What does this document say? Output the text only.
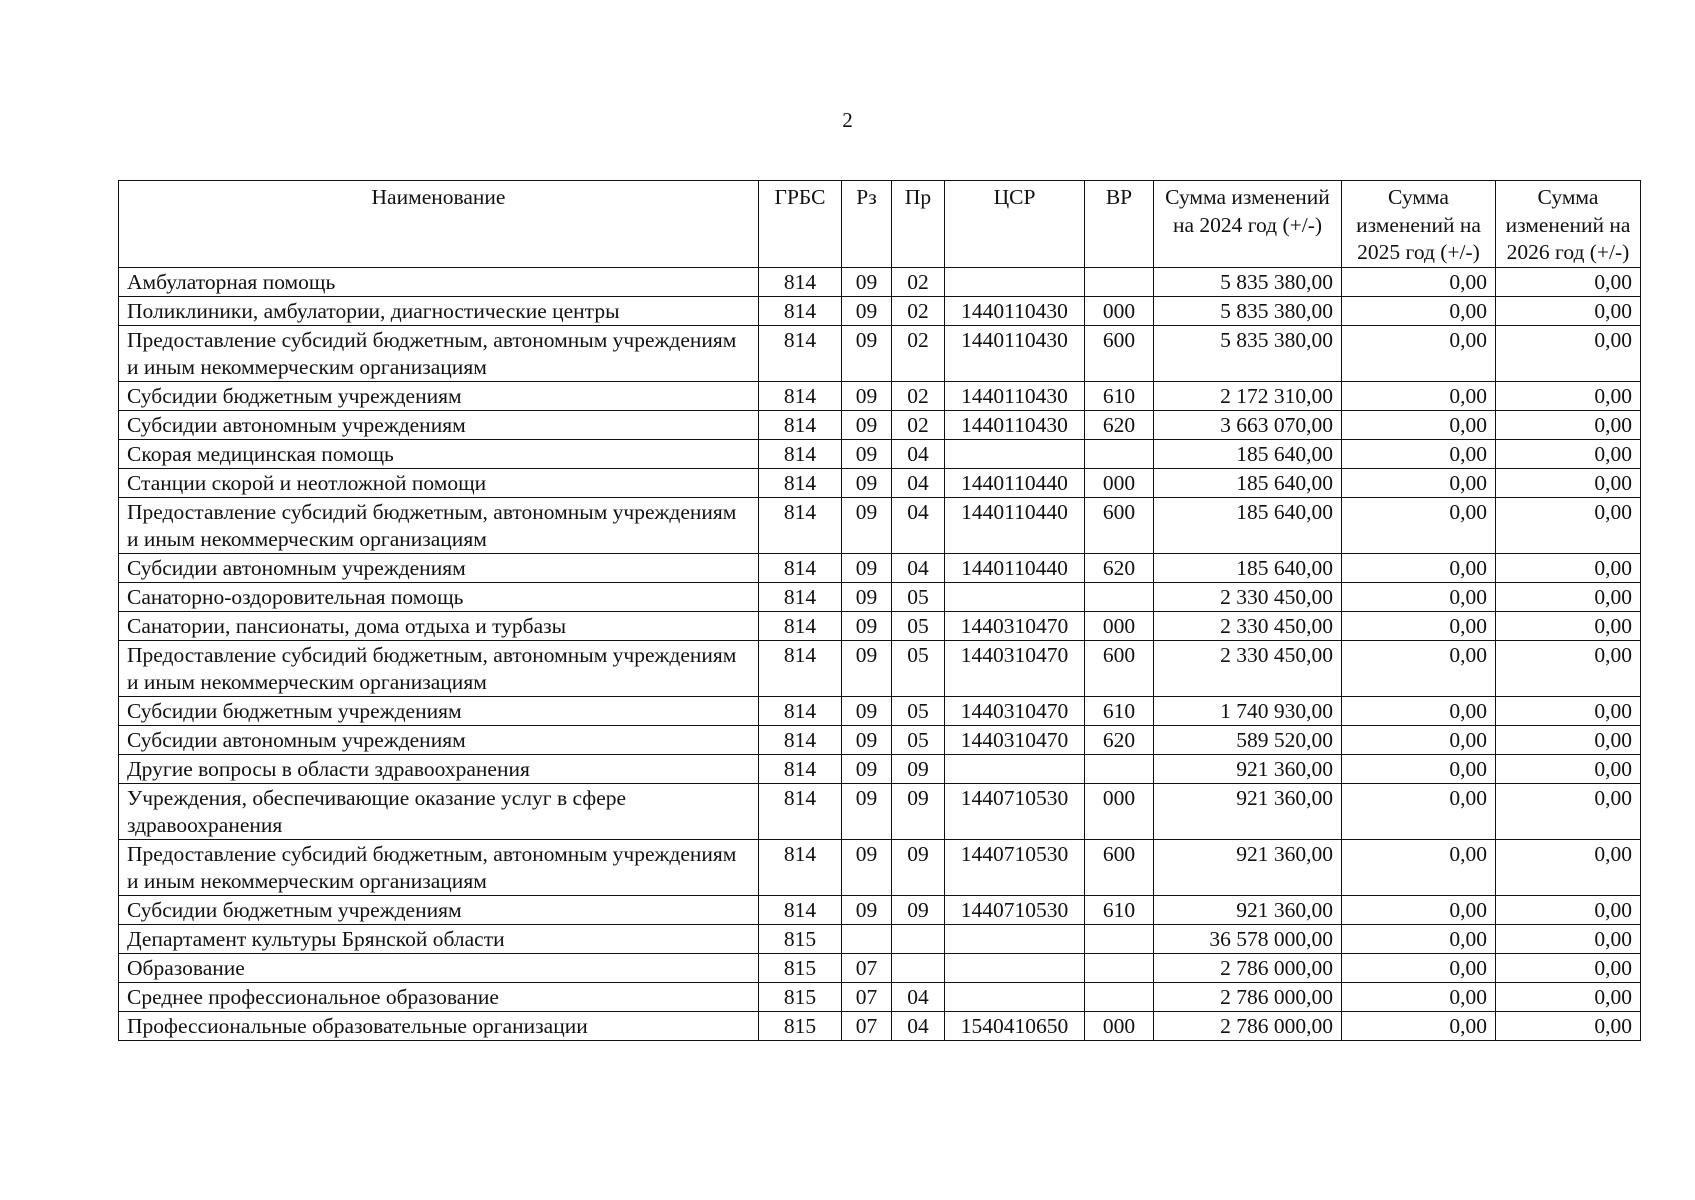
2
Наименование	ГРБС	Рз	Пр	ЦСР	ВР	Сумма изменений на 2024 год (+/-)	Сумма изменений на 2025 год (+/-)	Сумма изменений на 2026 год (+/-)
Амбулаторная помощь	814	09	02			5 835 380,00	0,00	0,00
Поликлиники, амбулатории, диагностические центры	814	09	02	1440110430	000	5 835 380,00	0,00	0,00
Предоставление субсидий бюджетным, автономным учреждениям и иным некоммерческим организациям	814	09	02	1440110430	600	5 835 380,00	0,00	0,00
Субсидии бюджетным учреждениям	814	09	02	1440110430	610	2 172 310,00	0,00	0,00
Субсидии автономным учреждениям	814	09	02	1440110430	620	3 663 070,00	0,00	0,00
Скорая медицинская помощь	814	09	04			185 640,00	0,00	0,00
Станции скорой и неотложной помощи	814	09	04	1440110440	000	185 640,00	0,00	0,00
Предоставление субсидий бюджетным, автономным учреждениям и иным некоммерческим организациям	814	09	04	1440110440	600	185 640,00	0,00	0,00
Субсидии автономным учреждениям	814	09	04	1440110440	620	185 640,00	0,00	0,00
Санаторно-оздоровительная помощь	814	09	05			2 330 450,00	0,00	0,00
Санатории, пансионаты, дома отдыха и турбазы	814	09	05	1440310470	000	2 330 450,00	0,00	0,00
Предоставление субсидий бюджетным, автономным учреждениям и иным некоммерческим организациям	814	09	05	1440310470	600	2 330 450,00	0,00	0,00
Субсидии бюджетным учреждениям	814	09	05	1440310470	610	1 740 930,00	0,00	0,00
Субсидии автономным учреждениям	814	09	05	1440310470	620	589 520,00	0,00	0,00
Другие вопросы в области здравоохранения	814	09	09			921 360,00	0,00	0,00
Учреждения, обеспечивающие оказание услуг в сфере здравоохранения	814	09	09	1440710530	000	921 360,00	0,00	0,00
Предоставление субсидий бюджетным, автономным учреждениям и иным некоммерческим организациям	814	09	09	1440710530	600	921 360,00	0,00	0,00
Субсидии бюджетным учреждениям	814	09	09	1440710530	610	921 360,00	0,00	0,00
Департамент культуры Брянской области	815					36 578 000,00	0,00	0,00
Образование	815	07				2 786 000,00	0,00	0,00
Среднее профессиональное образование	815	07	04			2 786 000,00	0,00	0,00
Профессиональные образовательные организации	815	07	04	1540410650	000	2 786 000,00	0,00	0,00
